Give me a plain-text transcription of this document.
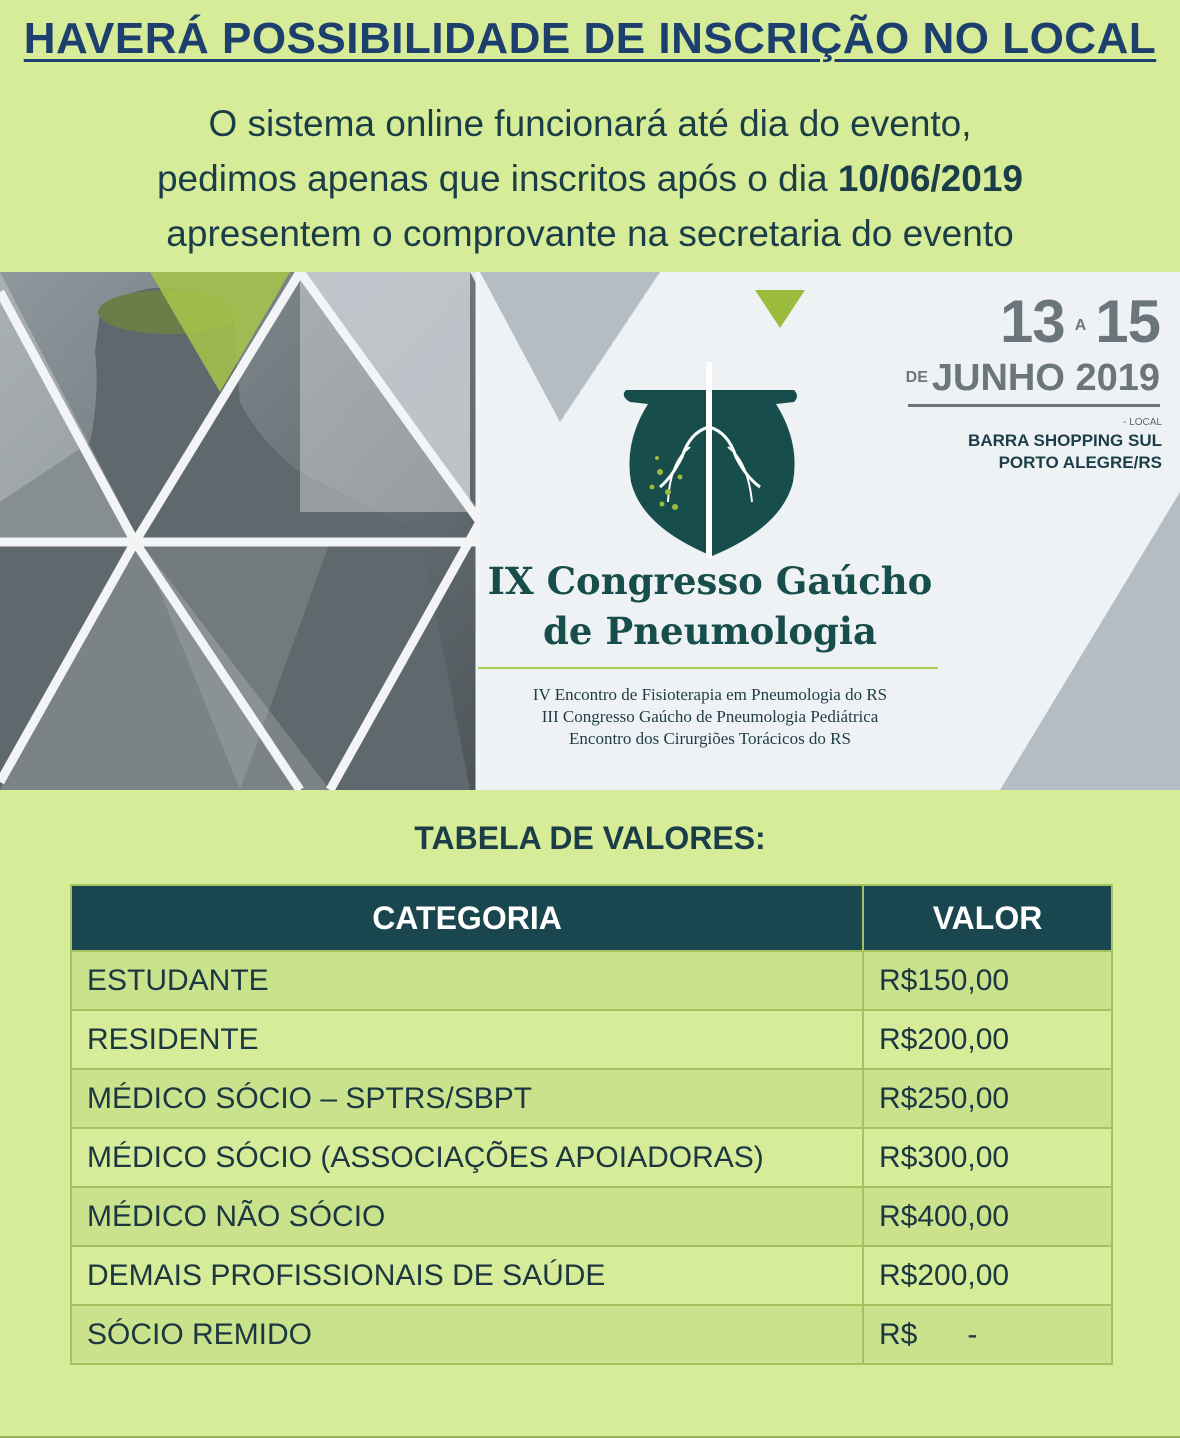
HAVERÁ POSSIBILIDADE DE INSCRIÇÃO NO LOCAL
O sistema online funcionará até dia do evento,
pedimos apenas que inscritos após o dia 10/06/2019
apresentem o comprovante na secretaria do evento
13 A 15
$^{DE}$ JUNHO 2019
- LOCAL
BARRA SHOPPING SUL
PORTO ALEGRE/RS
IX Congresso Gaúcho
de Pneumologia
IV Encontro de Fisioterapia em Pneumologia do RS
III Congresso Gaúcho de Pneumologia Pediátrica
Encontro dos Cirurgiões Torácicos do RS
TABELA DE VALORES:
CATEGORIA	VALOR
ESTUDANTE	R$150,00
RESIDENTE	R$200,00
MÉDICO SÓCIO – SPTRS/SBPT	R$250,00
MÉDICO SÓCIO (ASSOCIAÇÕES APOIADORAS)	R$300,00
MÉDICO NÃO SÓCIO	R$400,00
DEMAIS PROFISSIONAIS DE SAÚDE	R$200,00
SÓCIO REMIDO	R$      -
